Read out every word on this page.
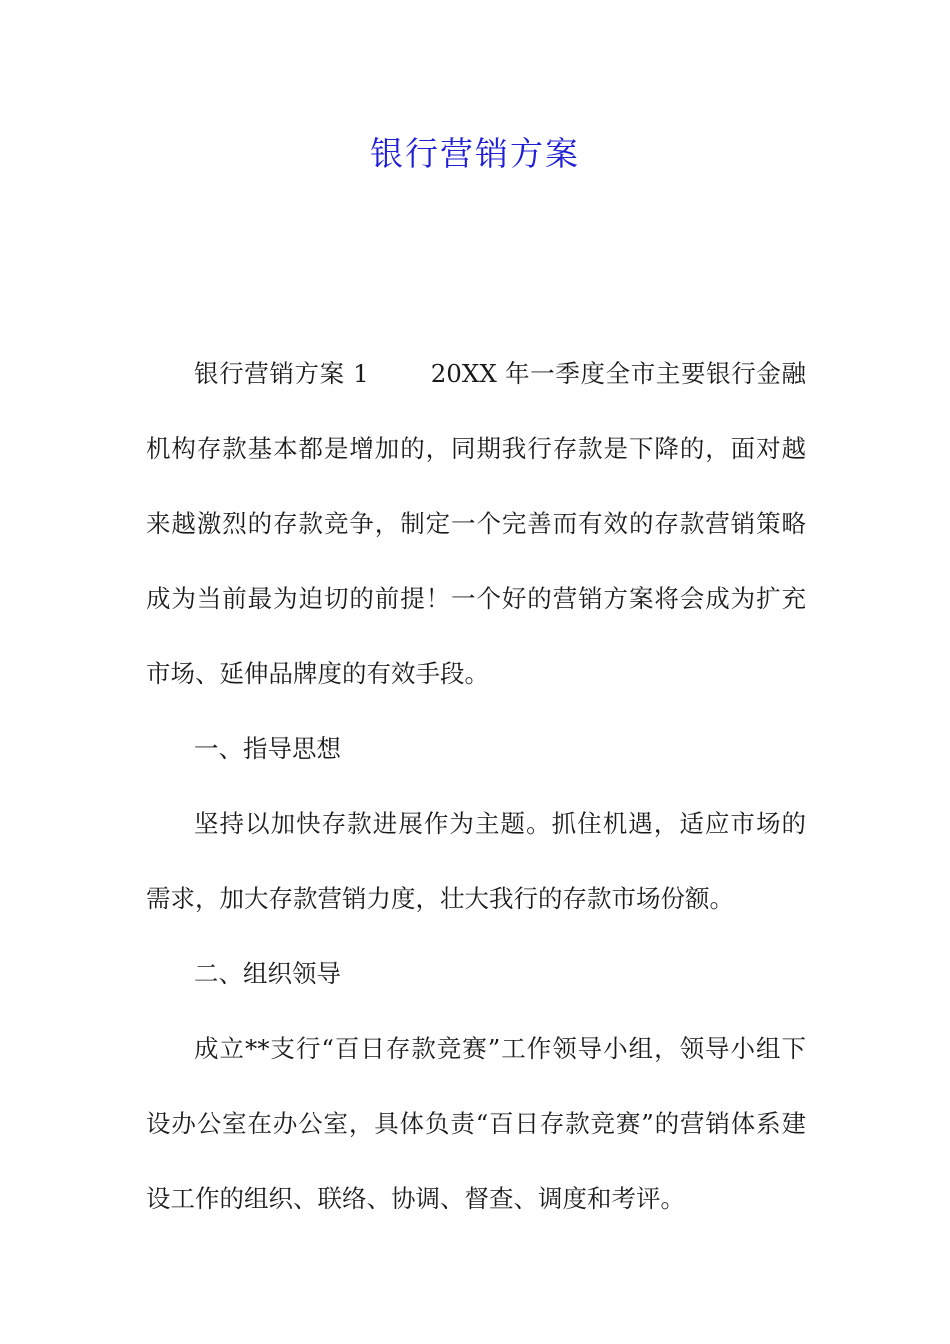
银行营销方案

银行营销方案 1	20XX 年一季度全市主要银行金融机构存款基本都是增加的，同期我行存款是下降的，面对越来越激烈的存款竞争，制定一个完善而有效的存款营销策略成为当前最为迫切的前提！一个好的营销方案将会成为扩充市场、延伸品牌度的有效手段。

一、指导思想

坚持以加快存款进展作为主题。抓住机遇，适应市场的需求，加大存款营销力度，壮大我行的存款市场份额。

二、组织领导

成立**支行“百日存款竞赛”工作领导小组，领导小组下设办公室在办公室，具体负责“百日存款竞赛”的营销体系建设工作的组织、联络、协调、督查、调度和考评。
